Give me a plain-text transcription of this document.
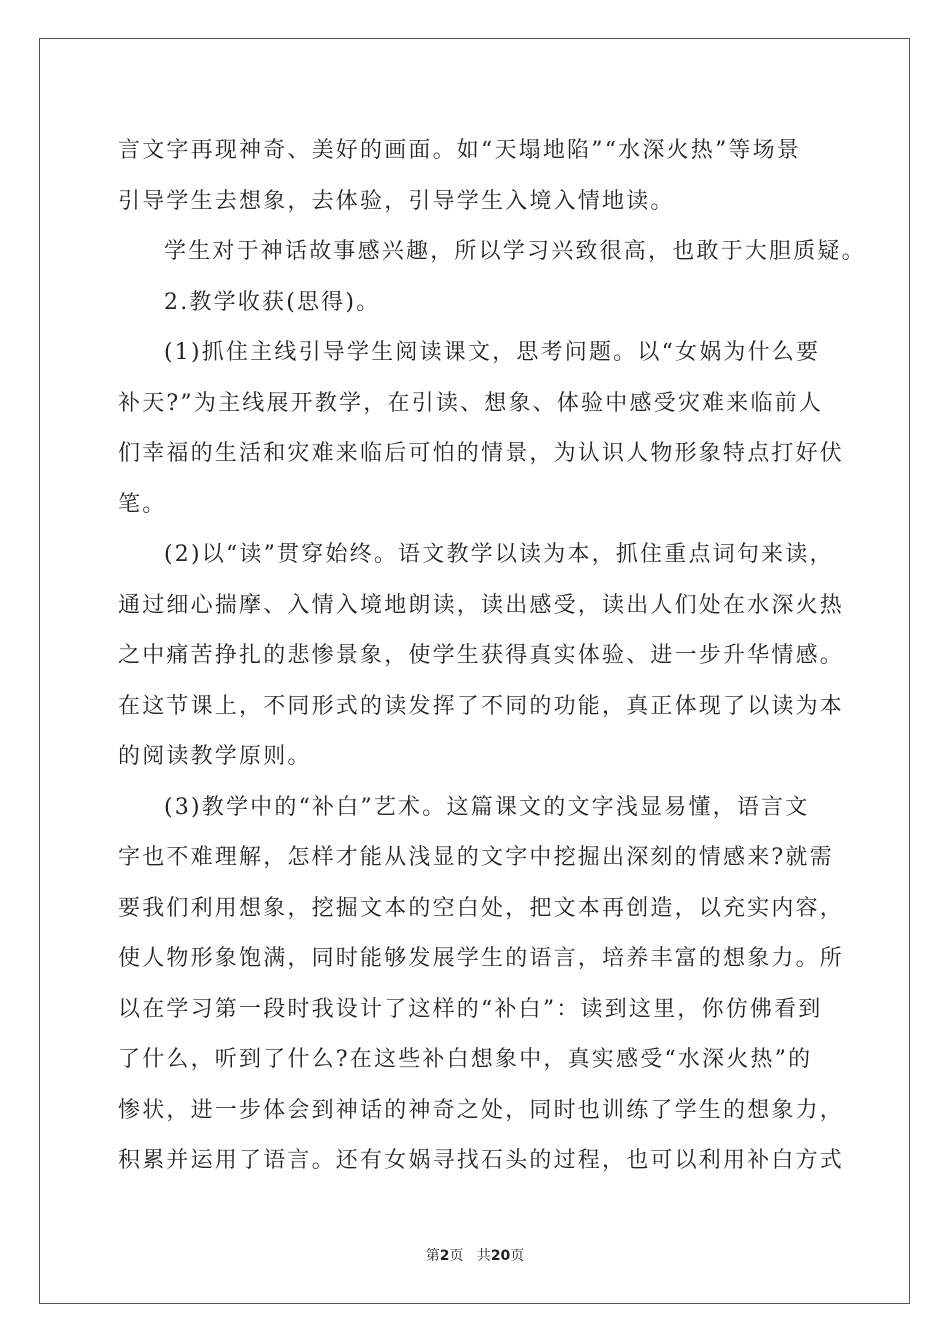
言文字再现神奇、美好的画面。如“天塌地陷”“水深火热”等场景
引导学生去想象，去体验，引导学生入境入情地读。
学生对于神话故事感兴趣，所以学习兴致很高，也敢于大胆质疑。
2.教学收获(思得)。
(1)抓住主线引导学生阅读课文，思考问题。以“女娲为什么要
补天?”为主线展开教学，在引读、想象、体验中感受灾难来临前人
们幸福的生活和灾难来临后可怕的情景，为认识人物形象特点打好伏
笔。
(2)以“读”贯穿始终。语文教学以读为本，抓住重点词句来读，
通过细心揣摩、入情入境地朗读，读出感受，读出人们处在水深火热
之中痛苦挣扎的悲惨景象，使学生获得真实体验、进一步升华情感。
在这节课上，不同形式的读发挥了不同的功能，真正体现了以读为本
的阅读教学原则。
(3)教学中的“补白”艺术。这篇课文的文字浅显易懂，语言文
字也不难理解，怎样才能从浅显的文字中挖掘出深刻的情感来?就需
要我们利用想象，挖掘文本的空白处，把文本再创造，以充实内容，
使人物形象饱满，同时能够发展学生的语言，培养丰富的想象力。所
以在学习第一段时我设计了这样的“补白”：读到这里，你仿佛看到
了什么，听到了什么?在这些补白想象中，真实感受“水深火热”的
惨状，进一步体会到神话的神奇之处，同时也训练了学生的想象力，
积累并运用了语言。还有女娲寻找石头的过程，也可以利用补白方式
第2页 共20页
